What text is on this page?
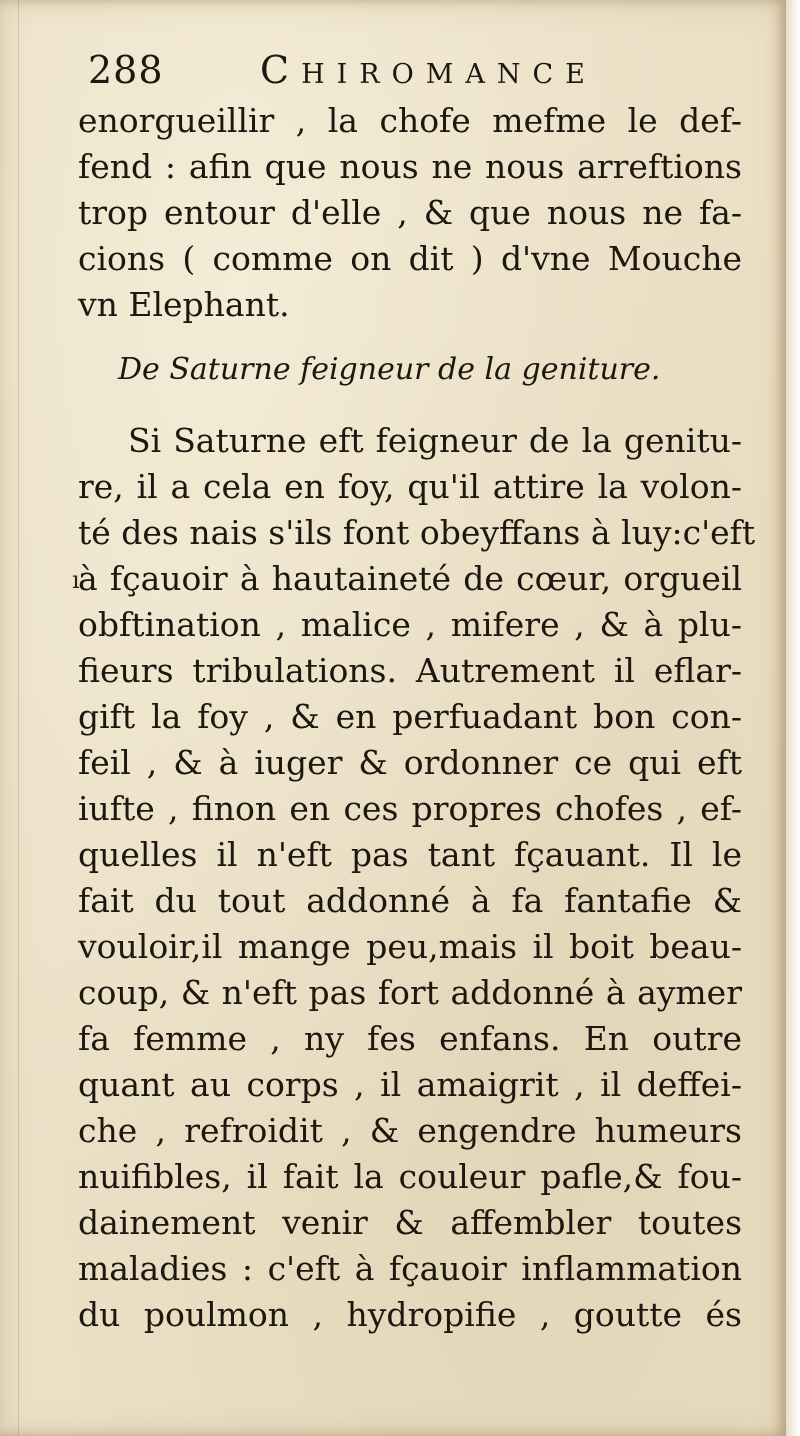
288	Chiromance
enorgueillir , la chofe mefme le def-
fend : afin que nous ne nous arreftions
trop entour d'elle , & que nous ne fa-
cions ( comme on dit ) d'vne Mouche
vn Elephant.
De Saturne feigneur de la geniture.
ı
Si Saturne eft feigneur de la genitu-
re, il a cela en foy, qu'il attire la volon-
té des nais s'ils font obeyffans à luy:c'eft
à fçauoir à hautaineté de cœur, orgueil
obftination , malice , mifere , & à plu-
fieurs tribulations. Autrement il eflar-
gift la foy , & en perfuadant bon con-
feil , & à iuger & ordonner ce qui eft
iufte , finon en ces propres chofes , ef-
quelles il n'eft pas tant fçauant. Il le
fait du tout addonné à fa fantafie &
vouloir,il mange peu,mais il boit beau-
coup, & n'eft pas fort addonné à aymer
fa femme , ny fes enfans. En outre
quant au corps , il amaigrit , il deffei-
che , refroidit , & engendre humeurs
nuifibles, il fait la couleur pafle,& fou-
dainement venir & affembler toutes
maladies : c'eft à fçauoir inflammation
du poulmon , hydropifie , goutte és
